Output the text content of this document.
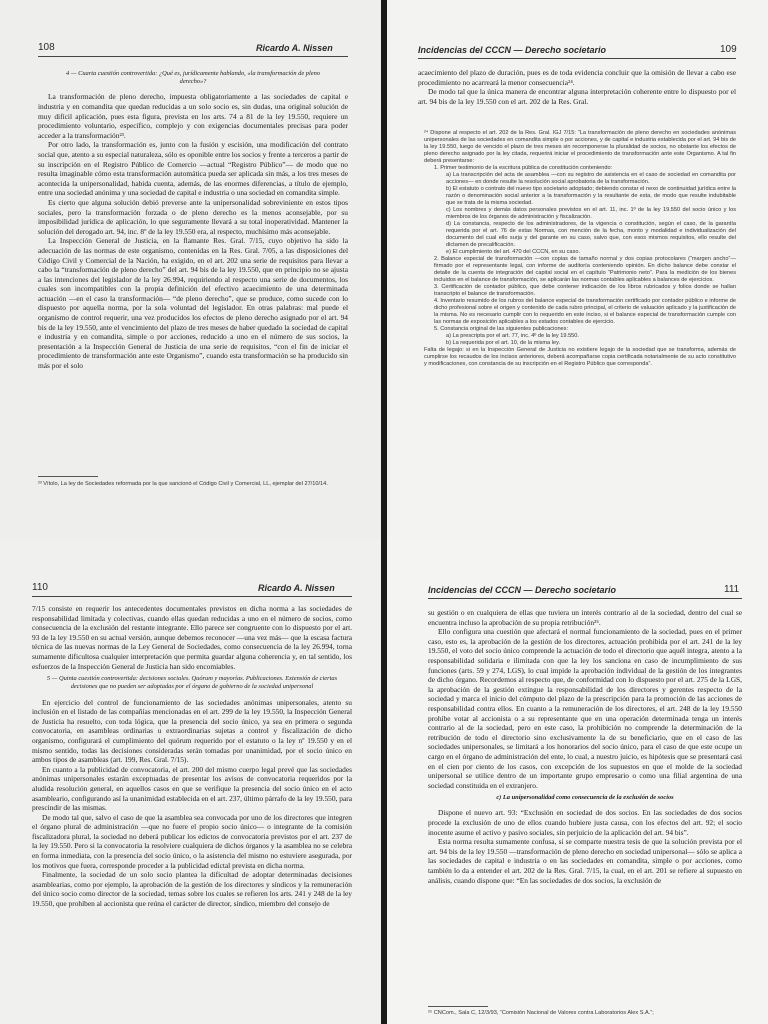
108	Ricardo A. Nissen
4 — Cuarta cuestión controvertida: ¿Qué es, jurídicamente hablando, «la transformación de pleno derecho»?

La transformación de pleno derecho, impuesta obligatoriamente a las sociedades de capital e industria y en comandita que quedan reducidas a un solo socio es, sin dudas, una original solución de muy difícil aplicación, pues esta figura, prevista en los arts. 74 a 81 de la ley 19.550, requiere un procedimiento voluntario, específico, complejo y con exigencias documentales precisas para poder acceder a la transformación²³.

Por otro lado, la transformación es, junto con la fusión y escisión, una modificación del contrato social que, atento a su especial naturaleza, sólo es oponible entre los socios y frente a terceros a partir de su inscripción en el Registro Público de Comercio —actual “Registro Público”— de modo que no resulta imaginable cómo esta transformación automática pueda ser aplicada sin más, a los tres meses de acontecida la unipersonalidad, habida cuenta, además, de las enormes diferencias, a título de ejemplo, entre una sociedad anónima y una sociedad de capital e industria o una sociedad en comandita simple.

Es cierto que alguna solución debió preverse ante la unipersonalidad sobreviniente en estos tipos sociales, pero la transformación forzada o de pleno derecho es la menos aconsejable, por su imposibilidad jurídica de aplicación, lo que seguramente llevará a su total inoperatividad. Mantener la solución del derogado art. 94, inc. 8º de la ley 19.550 era, al respecto, muchísimo más aconsejable.

La Inspección General de Justicia, en la flamante Res. Gral. 7/15, cuyo objetivo ha sido la adecuación de las normas de este organismo, contenidas en la Res. Gral. 7/05, a las disposiciones del Código Civil y Comercial de la Nación, ha exigido, en el art. 202 una serie de requisitos para llevar a cabo la “transformación de pleno derecho” del art. 94 bis de la ley 19.550, que en principio no se ajusta a las intenciones del legislador de la ley 26.994, requiriendo al respecto una serie de documentos, los cuales son incompatibles con la propia definición del efectivo acaecimiento de una determinada actuación —en el caso la transformación— “de pleno derecho”, que se produce, como sucede con lo dispuesto por aquella norma, por la sola voluntad del legislador. En otras palabras: mal puede el organismo de control requerir, una vez producidos los efectos de pleno derecho asignado por el art. 94 bis de la ley 19.550, ante el vencimiento del plazo de tres meses de haber quedado la sociedad de capital e industria y en comandita, simple o por acciones, reducido a uno en el número de sus socios, la presentación a la Inspección General de Justicia de una serie de requisitos, “con el fin de iniciar el procedimiento de transformación ante este Organismo”, cuando esta transformación se ha producido sin más por el solo

²³ Vítolo, La ley de Sociedades reformada por la que sancionó el Código Civil y Comercial, LL, ejemplar del 27/10/14.

Incidencias del CCCN — Derecho societario	109

acaecimiento del plazo de duración, pues es de toda evidencia concluir que la omisión de llevar a cabo ese procedimiento no acarreará la menor consecuencia²⁴.

De modo tal que la única manera de encontrar alguna interpretación coherente entre lo dispuesto por el art. 94 bis de la ley 19.550 con el art. 202 de la Res. Gral.

²⁴ Dispone al respecto el art. 202 de la Res. Gral. IGJ 7/15: “La transformación de pleno derecho en sociedades anónimas unipersonales de las sociedades en comandita simple o por acciones, y de capital e industria establecida por el art. 94 bis de la ley 19.550, luego de vencido el plazo de tres meses sin recomponerse la pluralidad de socios, no obstante los efectos de pleno derecho asignado por la ley citada, requerirá iniciar el procedimiento de transformación ante este Organismo. A tal fin deberá presentarse:

1. Primer testimonio de la escritura pública de constitución conteniendo:

a) La transcripción del acta de asamblea —con su registro de asistencia en el caso de sociedad en comandita por acciones— en donde resulte la resolución social aprobatoria de la transformación.

b) El estatuto o contrato del nuevo tipo societario adoptado; debiendo constar el nexo de continuidad jurídica entre la razón o denominación social anterior a la transformación y la resultante de esta, de modo que resulte indubitable que se trata de la misma sociedad.

c) Los nombres y demás datos personales previstos en el art. 11, inc. 1º de la ley 19.550 del socio único y los miembros de los órganos de administración y fiscalización.

d) La constancia, respecto de los administradores, de la vigencia o constitución, según el caso, de la garantía requerida por el art. 76 de estas Normas, con mención de la fecha, monto y modalidad e individualización del documento del cual ello surja y del garante en su caso, salvo que, con esos mismos requisitos, ello resulte del dictamen de precalificación.

e) El cumplimiento del art. 470 del CCCN, en su caso.

2. Balance especial de transformación —con copias de tamaño normal y dos copias protocolares (“margen ancho”— firmado por el representante legal, con informe de auditoría conteniendo opinión. En dicho balance debe constar el detalle de la cuenta de integración del capital social en el capítulo “Patrimonio neto”. Para la medición de los bienes incluidos en el balance de transformación, se aplicarán las normas contables aplicables a balances de ejercicios.

3. Certificación de contador público, que debe contener indicación de los libros rubricados y folios donde se hallan transcripto el balance de transformación.

4. Inventario resumido de los rubros del balance especial de transformación certificado por contador público e informe de dicho profesional sobre el origen y contenido de cada rubro principal, el criterio de valuación aplicado y la justificación de la misma. No es necesario cumplir con lo requerido en este inciso, si el balance especial de transformación cumple con las normas de exposición aplicables a los estados contables de ejercicio.

5. Constancia original de las siguientes publicaciones:

a) La prescripta por el art. 77, inc. 4º de la ley 19.550.

b) La requerida por el art. 10, de la misma ley.

Falta de legajo: si en la Inspección General de Justicia no existiere legajo de la sociedad que se transforma, además de cumplirse los recaudos de los incisos anteriores, deberá acompañarse copia certificada notarialmente de su acto constitutivo y modificaciones, con constancia de su inscripción en el Registro Público que corresponda”.

110	Ricardo A. Nissen

7/15 consiste en requerir los antecedentes documentales previstos en dicha norma a las sociedades de responsabilidad limitada y colectivas, cuando ellas quedan reducidas a uno en el número de socios, como consecuencia de la exclusión del restante integrante. Ello parece ser congruente con lo dispuesto por el art. 93 de la ley 19.550 en su actual versión, aunque debemos reconocer —una vez más— que la escasa factura técnica de las nuevas normas de la Ley General de Sociedades, como consecuencia de la ley 26.994, torna sumamente dificultosa cualquier interpretación que permita guardar alguna coherencia y, en tal sentido, los esfuerzos de la Inspección General de Justicia han sido encomiables.

5 — Quinta cuestión controvertida: decisiones sociales. Quórum y mayorías. Publicaciones. Extensión de ciertas decisiones que no pueden ser adoptadas por el órgano de gobierno de la sociedad unipersonal

En ejercicio del control de funcionamiento de las sociedades anónimas unipersonales, atento su inclusión en el listado de las compañías mencionadas en el art. 299 de la ley 19.550, la Inspección General de Justicia ha resuelto, con toda lógica, que la presencia del socio único, ya sea en primera o segunda convocatoria, en asambleas ordinarias u extraordinarias sujetas a control y fiscalización de dicho organismo, configurará el cumplimiento del quórum requerido por el estatuto o la ley nº 19.550 y en el mismo sentido, todas las decisiones consideradas serán tomadas por unanimidad, por el socio único en ambos tipos de asambleas (art. 199, Res. Gral. 7/15).

En cuanto a la publicidad de convocatoria, el art. 200 del mismo cuerpo legal prevé que las sociedades anónimas unipersonales estarán exceptuadas de presentar los avisos de convocatoria requeridos por la aludida resolución general, en aquellos casos en que se verifique la presencia del socio único en el acto asambleario, configurando así la unanimidad establecida en el art. 237, último párrafo de la ley 19.550, para prescindir de las mismas.

De modo tal que, salvo el caso de que la asamblea sea convocada por uno de los directores que integren el órgano plural de administración —que no fuere el propio socio único— o integrante de la comisión fiscalizadora plural, la sociedad no deberá publicar los edictos de convocatoria previstos por el art. 237 de la ley 19.550. Pero si la convocatoria la resolviere cualquiera de dichos órganos y la asamblea no se celebra en forma inmediata, con la presencia del socio único, o la asistencia del mismo no estuviere asegurada, por los motivos que fuera, corresponde proceder a la publicidad edictal prevista en dicha norma.

Finalmente, la sociedad de un solo socio plantea la dificultad de adoptar determinadas decisiones asamblearias, como por ejemplo, la aprobación de la gestión de los directores y síndicos y la remuneración del único socio como director de la sociedad, temas sobre los cuales se refieren los arts. 241 y 248 de la ley 19.550, que prohíben al accionista que reúna el carácter de director, síndico, miembro del consejo de

Incidencias del CCCN — Derecho societario	111

su gestión o en cualquiera de ellas que tuviera un interés contrario al de la sociedad, dentro del cual se encuentra incluso la aprobación de su propia retribución²⁵.

Ello configura una cuestión que afectará el normal funcionamiento de la sociedad, pues en el primer caso, esto es, la aprobación de la gestión de los directores, actuación prohibida por el art. 241 de la ley 19.550, el voto del socio único comprende la actuación de todo el directorio que aquél integra, atento a la responsabilidad solidaria e ilimitada con que la ley los sanciona en caso de incumplimiento de sus funciones (arts. 59 y 274, LGS), lo cual impide la aprobación individual de la gestión de los integrantes de dicho órgano. Recordemos al respecto que, de conformidad con lo dispuesto por el art. 275 de la LGS, la aprobación de la gestión extingue la responsabilidad de los directores y gerentes respecto de la sociedad y marca el inicio del cómputo del plazo de la prescripción para la promoción de las acciones de responsabilidad contra ellos. En cuanto a la remuneración de los directores, el art. 248 de la ley 19.550 prohíbe votar al accionista o a su representante que en una operación determinada tenga un interés contrario al de la sociedad, pero en este caso, la prohibición no comprende la determinación de la retribución de todo el directorio sino exclusivamente la de su beneficiario, que en el caso de las sociedades unipersonales, se limitará a los honorarios del socio único, para el caso de que este ocupe un cargo en el órgano de administración del ente, lo cual, a nuestro juicio, es hipótesis que se presentará casi en el cien por ciento de los casos, con excepción de los supuestos en que el molde de la sociedad unipersonal se utilice dentro de un importante grupo empresario o como una filial argentina de una sociedad constituida en el extranjero.

c) La unipersonalidad como consecuencia de la exclusión de socios

Dispone el nuevo art. 93: “Exclusión en sociedad de dos socios. En las sociedades de dos socios procede la exclusión de uno de ellos cuando hubiere justa causa, con los efectos del art. 92; el socio inocente asume el activo y pasivo sociales, sin perjuicio de la aplicación del art. 94 bis”.

Esta norma resulta sumamente confusa, si se comparte nuestra tesis de que la solución prevista por el art. 94 bis de la ley 19.550 —transformación de pleno derecho en sociedad unipersonal— sólo se aplica a las sociedades de capital e industria o en las sociedades en comandita, simple o por acciones, como también lo da a entender el art. 202 de la Res. Gral. 7/15, la cual, en el art. 201 se refiere al supuesto en análisis, cuando dispone que: “En las sociedades de dos socios, la exclusión de

²⁵ CNCom., Sala C, 12/3/93, “Comisión Nacional de Valores contra Laboratorios Alex S.A.”;
